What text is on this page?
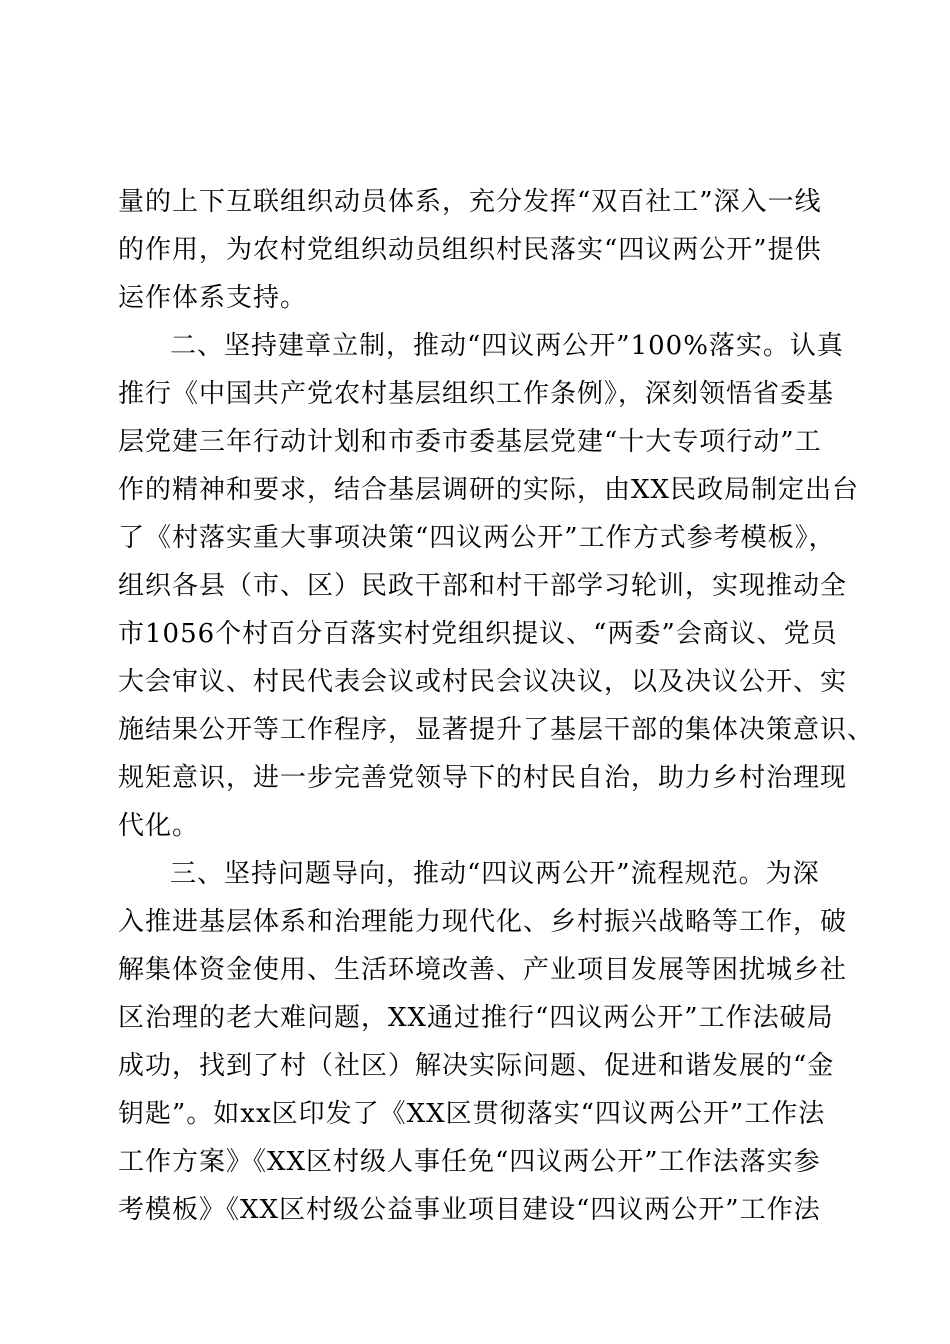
量的上下互联组织动员体系，充分发挥“双百社工”深入一线
的作用，为农村党组织动员组织村民落实“四议两公开”提供
运作体系支持。
二、坚持建章立制，推动“四议两公开”100%落实。认真
推行《中国共产党农村基层组织工作条例》，深刻领悟省委基
层党建三年行动计划和市委市委基层党建“十大专项行动”工
作的精神和要求，结合基层调研的实际，由XX民政局制定出台
了《村落实重大事项决策“四议两公开”工作方式参考模板》，
组织各县（市、区）民政干部和村干部学习轮训，实现推动全
市1056个村百分百落实村党组织提议、“两委”会商议、党员
大会审议、村民代表会议或村民会议决议，以及决议公开、实
施结果公开等工作程序，显著提升了基层干部的集体决策意识、
规矩意识，进一步完善党领导下的村民自治，助力乡村治理现
代化。
三、坚持问题导向，推动“四议两公开”流程规范。为深
入推进基层体系和治理能力现代化、乡村振兴战略等工作，破
解集体资金使用、生活环境改善、产业项目发展等困扰城乡社
区治理的老大难问题，XX通过推行“四议两公开”工作法破局
成功，找到了村（社区）解决实际问题、促进和谐发展的“金
钥匙”。如xx区印发了《XX区贯彻落实“四议两公开”工作法
工作方案》《XX区村级人事任免“四议两公开”工作法落实参
考模板》《XX区村级公益事业项目建设“四议两公开”工作法
